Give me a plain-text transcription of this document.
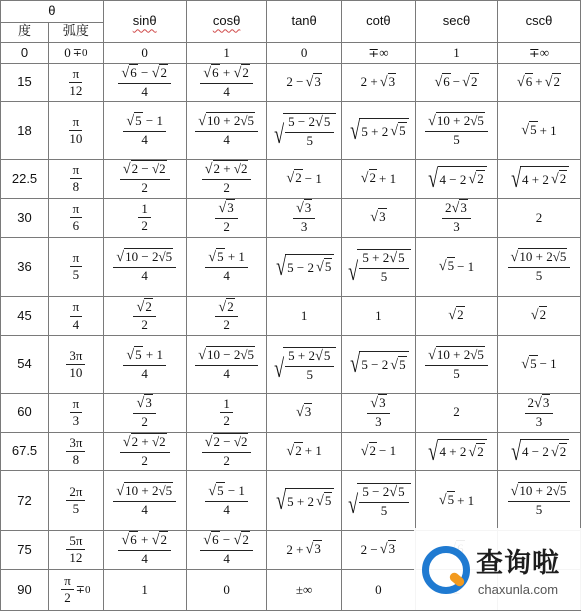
θ		sinθ	cosθ	tanθ	cotθ	secθ	cscθ
度	弧度						
0	0 ∓0	0	1	0	∓∞	1	∓∞

15	$\frac{\pi}{12}$	$\frac{√6 - √2}{4}$	$\frac{√6 + √2}{4}$	2 − √3	2 + √3	√6 − √2	√6 + √2

18	$\frac{\pi}{10}$	$\frac{√5 - 1}{4}$	$\frac{√10 + 2√5}{4}$	√ $\frac{5 - 2√5}{5}$	√ 5 + 2 √5	$\frac{√10 + 2√5}{5}$	√5 + 1

22.5	$\frac{\pi}{8}$	$\frac{√2 - √2}{2}$	$\frac{√2 + √2}{2}$	√2 − 1	√2 + 1	√ 4 − 2 √2	√ 4 + 2 √2

30	$\frac{\pi}{6}$	$\frac{1}{2}$	$\frac{√3}{2}$	$\frac{√3}{3}$	√3	$\frac{2√3}{3}$	2

36	$\frac{\pi}{5}$	$\frac{√10 - 2√5}{4}$	$\frac{√5 + 1}{4}$	√ 5 − 2 √5	√ $\frac{5 + 2√5}{5}$	√5 − 1	$\frac{√10 + 2√5}{5}$

45	$\frac{\pi}{4}$	$\frac{√2}{2}$	$\frac{√2}{2}$	1	1	√2	√2

54	$\frac{3\pi}{10}$	$\frac{√5 + 1}{4}$	$\frac{√10 - 2√5}{4}$	√ $\frac{5 + 2√5}{5}$	√ 5 − 2 √5	$\frac{√10 + 2√5}{5}$	√5 − 1

60	$\frac{\pi}{3}$	$\frac{√3}{2}$	$\frac{1}{2}$	√3	$\frac{√3}{3}$	2	$\frac{2√3}{3}$

67.5	$\frac{3\pi}{8}$	$\frac{√2 + √2}{2}$	$\frac{√2 - √2}{2}$	√2 + 1	√2 − 1	√ 4 + 2 √2	√ 4 − 2 √2

72	$\frac{2\pi}{5}$	$\frac{√10 + 2√5}{4}$	$\frac{√5 - 1}{4}$	√ 5 + 2 √5	√ $\frac{5 - 2√5}{5}$	√5 + 1	$\frac{√10 + 2√5}{5}$

75	$\frac{5\pi}{12}$	$\frac{√6 + √2}{4}$	$\frac{√6 - √2}{4}$	2 + √3	2 − √3

90	$\frac{\pi}{2} \mp 0$	1	0	±∞	0

查询啦
chaxunla.com
